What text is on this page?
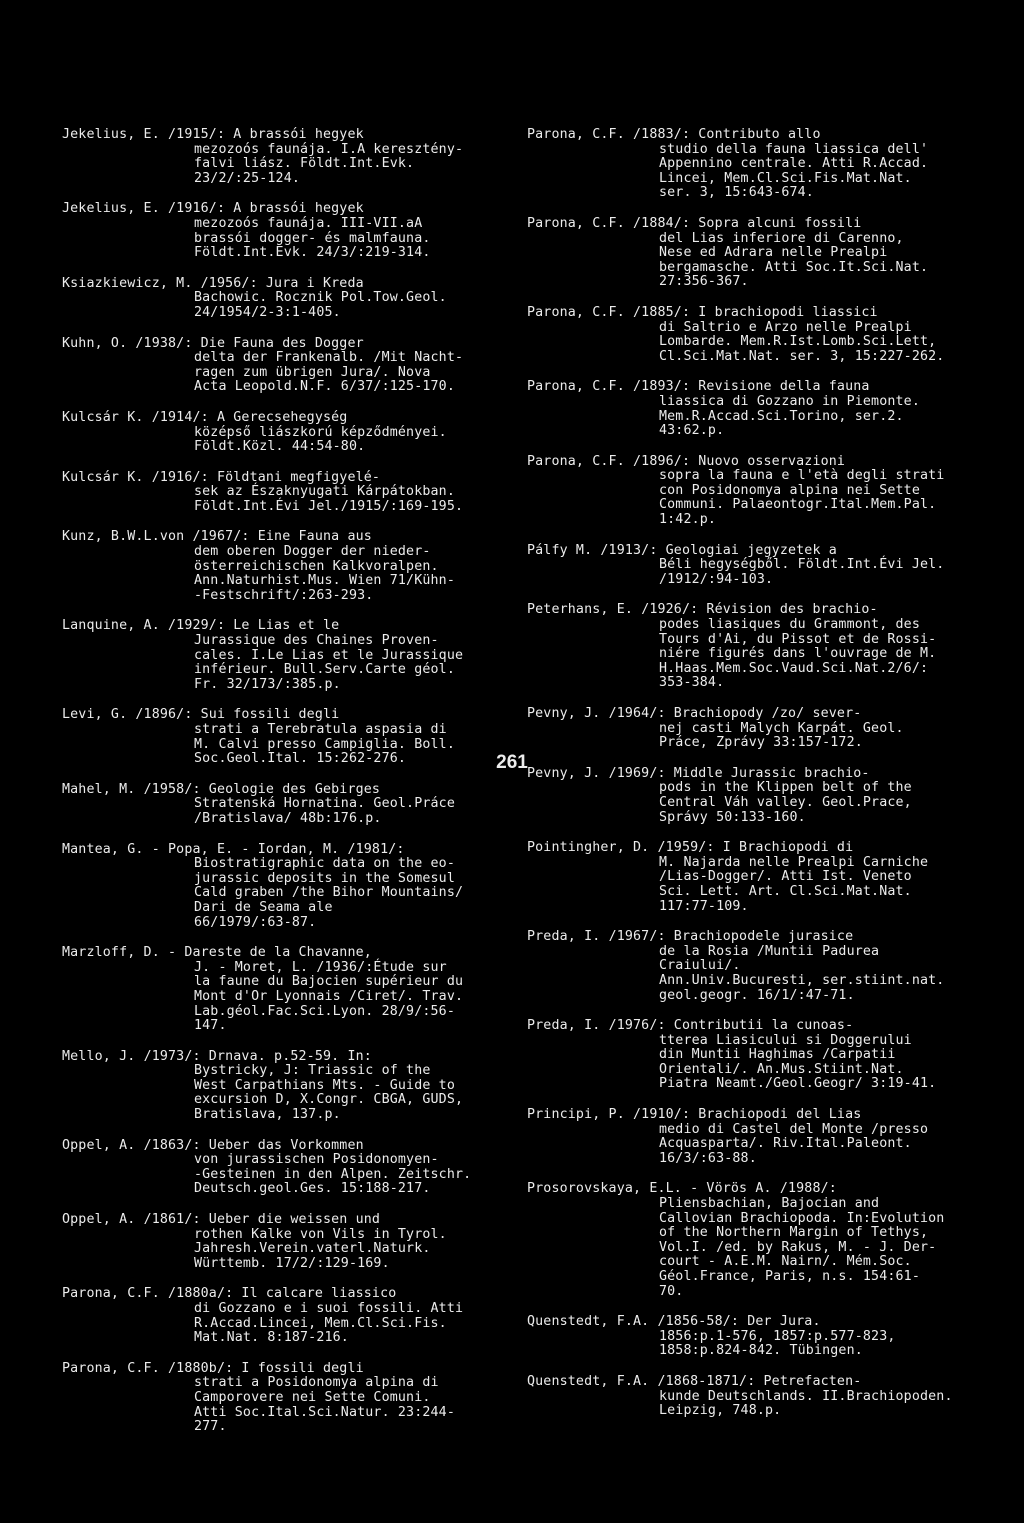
Jekelius, E. /1915/: A brassói hegyek
mezozoós faunája. I.A keresztény-
falvi liász. Földt.Int.Evk.
23/2/:25-124.
Jekelius, E. /1916/: A brassói hegyek
mezozoós faunája. III-VII.aA
brassói dogger- és malmfauna.
Földt.Int.Evk. 24/3/:219-314.
Ksiazkiewicz, M. /1956/: Jura i Kreda
Bachowic. Rocznik Pol.Tow.Geol.
24/1954/2-3:1-405.
Kuhn, O. /1938/: Die Fauna des Dogger
delta der Frankenalb. /Mit Nacht-
ragen zum übrigen Jura/. Nova
Acta Leopold.N.F. 6/37/:125-170.
Kulcsár K. /1914/: A Gerecsehegység
középső liászkorú képződményei.
Földt.Közl. 44:54-80.
Kulcsár K. /1916/: Földtani megfigyelé-
sek az Északnyugati Kárpátokban.
Földt.Int.Évi Jel./1915/:169-195.
Kunz, B.W.L.von /1967/: Eine Fauna aus
dem oberen Dogger der nieder-
österreichischen Kalkvoralpen.
Ann.Naturhist.Mus. Wien 71/Kühn-
-Festschrift/:263-293.
Lanquine, A. /1929/: Le Lias et le
Jurassique des Chaines Proven-
cales. I.Le Lias et le Jurassique
inférieur. Bull.Serv.Carte géol.
Fr. 32/173/:385.p.
Levi, G. /1896/: Sui fossili degli
strati a Terebratula aspasia di
M. Calvi presso Campiglia. Boll.
Soc.Geol.Ital. 15:262-276.
Mahel, M. /1958/: Geologie des Gebirges
Stratenská Hornatina. Geol.Práce
/Bratislava/ 48b:176.p.
Mantea, G. - Popa, E. - Iordan, M. /1981/:
Biostratigraphic data on the eo-
jurassic deposits in the Somesul
Cald graben /the Bihor Mountains/
Dari de Seama ale
66/1979/:63-87.
Marzloff, D. - Dareste de la Chavanne,
J. - Moret, L. /1936/:Étude sur
la faune du Bajocien supérieur du
Mont d'Or Lyonnais /Ciret/. Trav.
Lab.géol.Fac.Sci.Lyon. 28/9/:56-
147.
Mello, J. /1973/: Drnava. p.52-59. In:
Bystricky, J: Triassic of the
West Carpathians Mts. - Guide to
excursion D, X.Congr. CBGA, GUDS,
Bratislava, 137.p.
Oppel, A. /1863/: Ueber das Vorkommen
von jurassischen Posidonomyen-
-Gesteinen in den Alpen. Zeitschr.
Deutsch.geol.Ges. 15:188-217.
Oppel, A. /1861/: Ueber die weissen und
rothen Kalke von Vils in Tyrol.
Jahresh.Verein.vaterl.Naturk.
Württemb. 17/2/:129-169.
Parona, C.F. /1880a/: Il calcare liassico
di Gozzano e i suoi fossili. Atti
R.Accad.Lincei, Mem.Cl.Sci.Fis.
Mat.Nat. 8:187-216.
Parona, C.F. /1880b/: I fossili degli
strati a Posidonomya alpina di
Camporovere nei Sette Comuni.
Atti Soc.Ital.Sci.Natur. 23:244-
277.
Parona, C.F. /1883/: Contributo allo
studio della fauna liassica dell'
Appennino centrale. Atti R.Accad.
Lincei, Mem.Cl.Sci.Fis.Mat.Nat.
ser. 3, 15:643-674.
Parona, C.F. /1884/: Sopra alcuni fossili
del Lias inferiore di Carenno,
Nese ed Adrara nelle Prealpi
bergamasche. Atti Soc.It.Sci.Nat.
27:356-367.
Parona, C.F. /1885/: I brachiopodi liassici
di Saltrio e Arzo nelle Prealpi
Lombarde. Mem.R.Ist.Lomb.Sci.Lett,
Cl.Sci.Mat.Nat. ser. 3, 15:227-262.
Parona, C.F. /1893/: Revisione della fauna
liassica di Gozzano in Piemonte.
Mem.R.Accad.Sci.Torino, ser.2.
43:62.p.
Parona, C.F. /1896/: Nuovo osservazioni
sopra la fauna e l'età degli strati
con Posidonomya alpina nei Sette
Communi. Palaeontogr.Ital.Mem.Pal.
1:42.p.
Pálfy M. /1913/: Geologiai jegyzetek a
Béli hegységből. Földt.Int.Évi Jel.
/1912/:94-103.
Peterhans, E. /1926/: Révision des brachio-
podes liasiques du Grammont, des
Tours d'Ai, du Pissot et de Rossi-
niére figurés dans l'ouvrage de M.
H.Haas.Mem.Soc.Vaud.Sci.Nat.2/6/:
353-384.
Pevny, J. /1964/: Brachiopody /zo/ sever-
nej casti Malych Karpát. Geol.
Práce, Zprávy 33:157-172.
Pevny, J. /1969/: Middle Jurassic brachio-
pods in the Klippen belt of the
Central Váh valley. Geol.Prace,
Správy 50:133-160.
Pointingher, D. /1959/: I Brachiopodi di
M. Najarda nelle Prealpi Carniche
/Lias-Dogger/. Atti Ist. Veneto
Sci. Lett. Art. Cl.Sci.Mat.Nat.
117:77-109.
Preda, I. /1967/: Brachiopodele jurasice
de la Rosia /Muntii Padurea Craiului/.
Ann.Univ.Bucuresti, ser.stiint.nat.
geol.geogr. 16/1/:47-71.
Preda, I. /1976/: Contributii la cunoas-
tterea Liasicului si Doggerului
din Muntii Haghimas /Carpatii
Orientali/. An.Mus.Stiint.Nat.
Piatra Neamt./Geol.Geogr/ 3:19-41.
Principi, P. /1910/: Brachiopodi del Lias
medio di Castel del Monte /presso
Acquasparta/. Riv.Ital.Paleont.
16/3/:63-88.
Prosorovskaya, E.L. - Vörös A. /1988/:
Pliensbachian, Bajocian and
Callovian Brachiopoda. In:Evolution
of the Northern Margin of Tethys,
Vol.I. /ed. by Rakus, M. - J. Der-
court - A.E.M. Nairn/. Mém.Soc.
Géol.France, Paris, n.s. 154:61-
70.
Quenstedt, F.A. /1856-58/: Der Jura.
1856:p.1-576, 1857:p.577-823,
1858:p.824-842. Tübingen.
Quenstedt, F.A. /1868-1871/: Petrefacten-
kunde Deutschlands. II.Brachiopoden.
Leipzig, 748.p.
261
